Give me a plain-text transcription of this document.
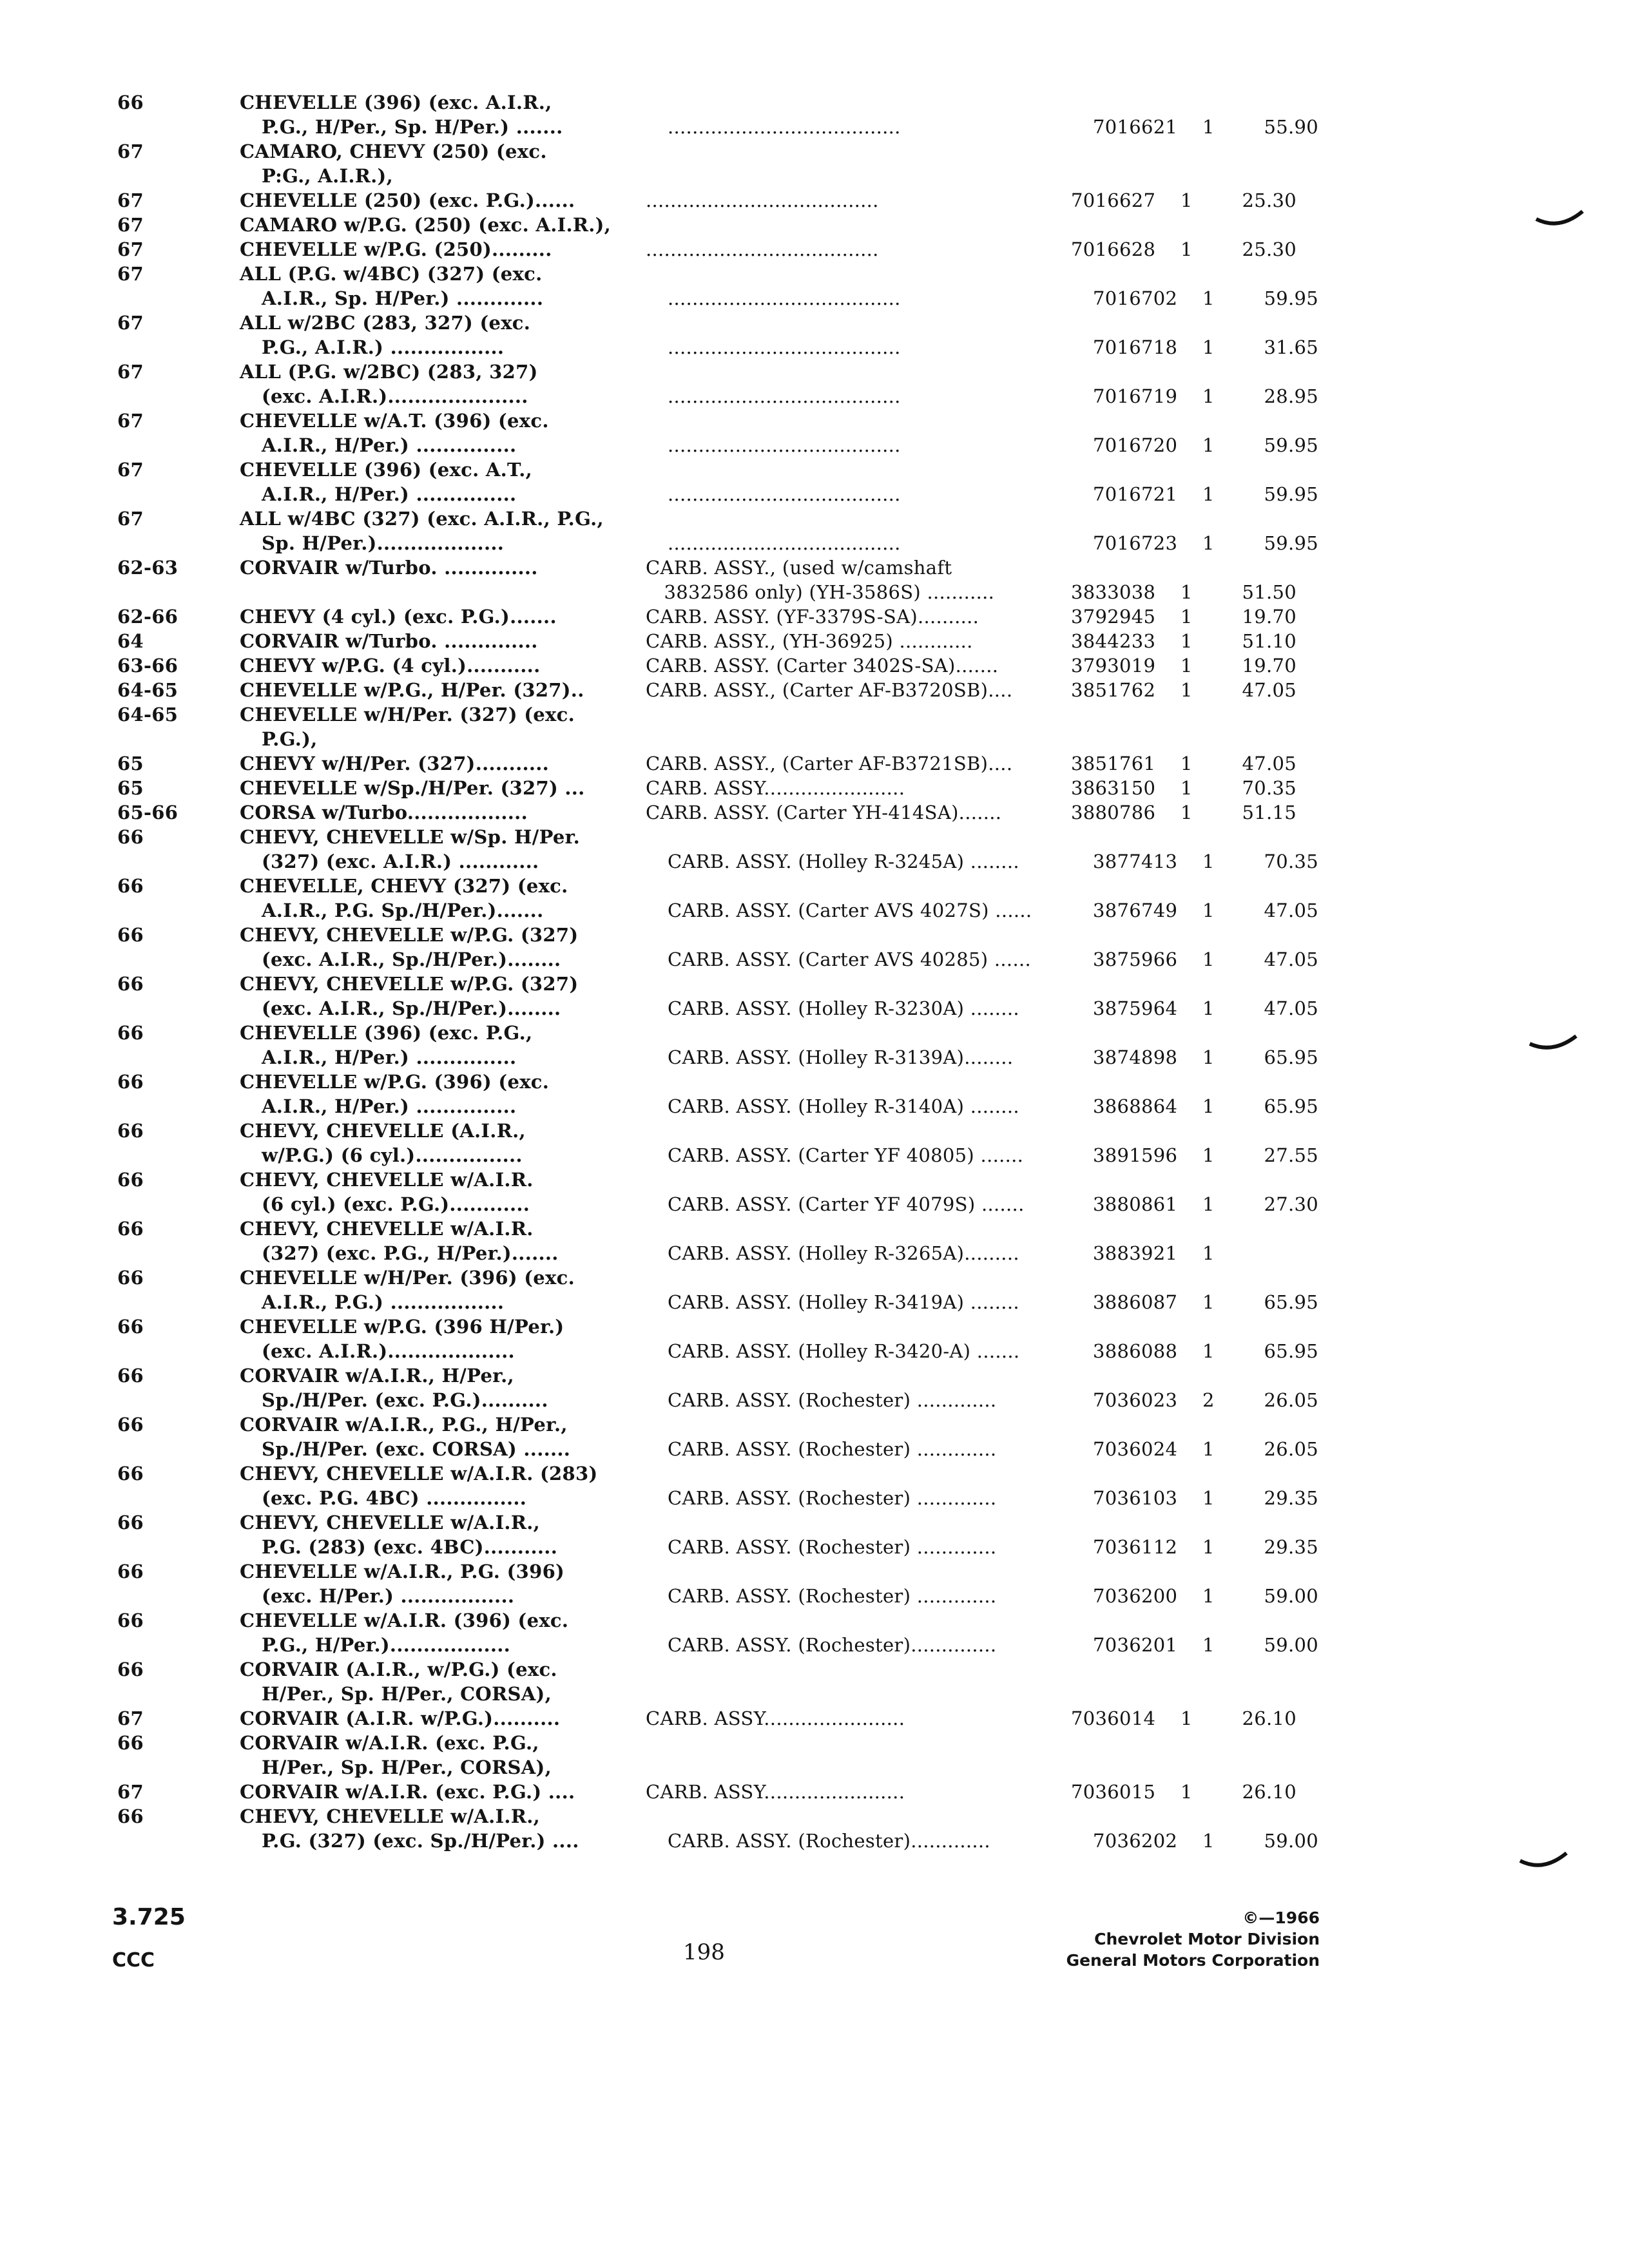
66	CHEVELLE (396) (exc. A.I.R.,
P.G., H/Per., Sp. H/Per.) .......	......................................	7016621	1	55.90
67	CAMARO, CHEVY (250) (exc.
P:G., A.I.R.),
67	CHEVELLE (250) (exc. P.G.)......	......................................	7016627	1	25.30
67	CAMARO w/P.G. (250) (exc. A.I.R.),
67	CHEVELLE w/P.G. (250).........	......................................	7016628	1	25.30
67	ALL (P.G. w/4BC) (327) (exc.
A.I.R., Sp. H/Per.) .............	......................................	7016702	1	59.95
67	ALL w/2BC (283, 327) (exc.
P.G., A.I.R.) .................	......................................	7016718	1	31.65
67	ALL (P.G. w/2BC) (283, 327)
(exc. A.I.R.).....................	......................................	7016719	1	28.95
67	CHEVELLE w/A.T. (396) (exc.
A.I.R., H/Per.) ...............	......................................	7016720	1	59.95
67	CHEVELLE (396) (exc. A.T.,
A.I.R., H/Per.) ...............	......................................	7016721	1	59.95
67	ALL w/4BC (327) (exc. A.I.R., P.G.,
Sp. H/Per.)...................	......................................	7016723	1	59.95
62-63	CORVAIR w/Turbo. ..............	CARB. ASSY., (used w/camshaft
3832586 only) (YH-3586S) ...........	3833038	1	51.50
62-66	CHEVY (4 cyl.) (exc. P.G.).......	CARB. ASSY. (YF-3379S-SA)..........	3792945	1	19.70
64	CORVAIR w/Turbo. ..............	CARB. ASSY., (YH-36925) ............	3844233	1	51.10
63-66	CHEVY w/P.G. (4 cyl.)...........	CARB. ASSY. (Carter 3402S-SA).......	3793019	1	19.70
64-65	CHEVELLE w/P.G., H/Per. (327)..	CARB. ASSY., (Carter AF-B3720SB)....	3851762	1	47.05
64-65	CHEVELLE w/H/Per. (327) (exc.
P.G.),
65	CHEVY w/H/Per. (327)...........	CARB. ASSY., (Carter AF-B3721SB)....	3851761	1	47.05
65	CHEVELLE w/Sp./H/Per. (327) ...	CARB. ASSY.......................	3863150	1	70.35
65-66	CORSA w/Turbo..................	CARB. ASSY. (Carter YH-414SA).......	3880786	1	51.15
66	CHEVY, CHEVELLE w/Sp. H/Per.
(327) (exc. A.I.R.) ............	CARB. ASSY. (Holley R-3245A) ........	3877413	1	70.35
66	CHEVELLE, CHEVY (327) (exc.
A.I.R., P.G. Sp./H/Per.).......	CARB. ASSY. (Carter AVS 4027S) ......	3876749	1	47.05
66	CHEVY, CHEVELLE w/P.G. (327)
(exc. A.I.R., Sp./H/Per.)........	CARB. ASSY. (Carter AVS 40285) ......	3875966	1	47.05
66	CHEVY, CHEVELLE w/P.G. (327)
(exc. A.I.R., Sp./H/Per.)........	CARB. ASSY. (Holley R-3230A) ........	3875964	1	47.05
66	CHEVELLE (396) (exc. P.G.,
A.I.R., H/Per.) ...............	CARB. ASSY. (Holley R-3139A)........	3874898	1	65.95
66	CHEVELLE w/P.G. (396) (exc.
A.I.R., H/Per.) ...............	CARB. ASSY. (Holley R-3140A) ........	3868864	1	65.95
66	CHEVY, CHEVELLE (A.I.R.,
w/P.G.) (6 cyl.)................	CARB. ASSY. (Carter YF 40805) .......	3891596	1	27.55
66	CHEVY, CHEVELLE w/A.I.R.
(6 cyl.) (exc. P.G.)............	CARB. ASSY. (Carter YF 4079S) .......	3880861	1	27.30
66	CHEVY, CHEVELLE w/A.I.R.
(327) (exc. P.G., H/Per.).......	CARB. ASSY. (Holley R-3265A).........	3883921	1
66	CHEVELLE w/H/Per. (396) (exc.
A.I.R., P.G.) .................	CARB. ASSY. (Holley R-3419A) ........	3886087	1	65.95
66	CHEVELLE w/P.G. (396 H/Per.)
(exc. A.I.R.)...................	CARB. ASSY. (Holley R-3420-A) .......	3886088	1	65.95
66	CORVAIR w/A.I.R., H/Per.,
Sp./H/Per. (exc. P.G.)..........	CARB. ASSY. (Rochester) .............	7036023	2	26.05
66	CORVAIR w/A.I.R., P.G., H/Per.,
Sp./H/Per. (exc. CORSA) .......	CARB. ASSY. (Rochester) .............	7036024	1	26.05
66	CHEVY, CHEVELLE w/A.I.R. (283)
(exc. P.G. 4BC) ...............	CARB. ASSY. (Rochester) .............	7036103	1	29.35
66	CHEVY, CHEVELLE w/A.I.R.,
P.G. (283) (exc. 4BC)...........	CARB. ASSY. (Rochester) .............	7036112	1	29.35
66	CHEVELLE w/A.I.R., P.G. (396)
(exc. H/Per.) .................	CARB. ASSY. (Rochester) .............	7036200	1	59.00
66	CHEVELLE w/A.I.R. (396) (exc.
P.G., H/Per.)..................	CARB. ASSY. (Rochester)..............	7036201	1	59.00
66	CORVAIR (A.I.R., w/P.G.) (exc.
H/Per., Sp. H/Per., CORSA),
67	CORVAIR (A.I.R. w/P.G.)..........	CARB. ASSY.......................	7036014	1	26.10
66	CORVAIR w/A.I.R. (exc. P.G.,
H/Per., Sp. H/Per., CORSA),
67	CORVAIR w/A.I.R. (exc. P.G.) ....	CARB. ASSY.......................	7036015	1	26.10
66	CHEVY, CHEVELLE w/A.I.R.,
P.G. (327) (exc. Sp./H/Per.) ....	CARB. ASSY. (Rochester).............	7036202	1	59.00
3.725
CCC	198
©—1966
Chevrolet Motor Division
General Motors Corporation
